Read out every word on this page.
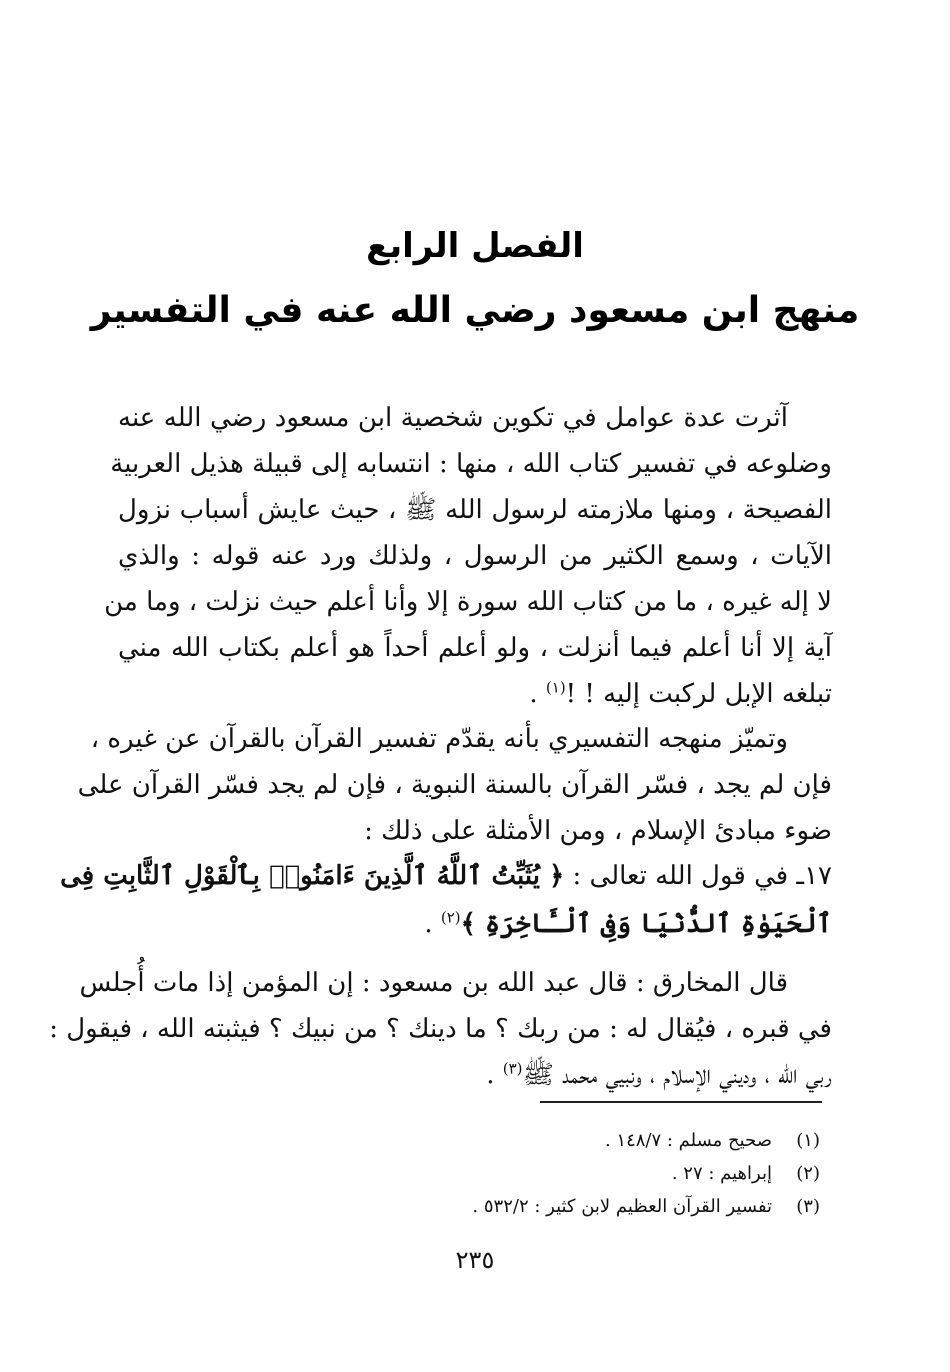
الفصل الرابع
منهج ابن مسعود رضي الله عنه في التفسير
آثرت عدة عوامل في تكوين شخصية ابن مسعود رضي الله عنه
وضلوعه في تفسير كتاب الله ، منها : انتسابه إلى قبيلة هذيل العربية
الفصيحة ، ومنها ملازمته لرسول الله ﷺ ، حيث عايش أسباب نزول
الآيات ، وسمع الكثير من الرسول ، ولذلك ورد عنه قوله : والذي
لا إله غيره ، ما من كتاب الله سورة إلا وأنا أعلم حيث نزلت ، وما من
آية إلا أنا أعلم فيما أنزلت ، ولو أعلم أحداً هو أعلم بكتاب الله مني
تبلغه الإبل لركبت إليه ! !$^{(١)}$ .
وتميّز منهجه التفسيري بأنه يقدّم تفسير القرآن بالقرآن عن غيره ،
فإن لم يجد ، فسّر القرآن بالسنة النبوية ، فإن لم يجد فسّر القرآن على
ضوء مبادئ الإسلام ، ومن الأمثلة على ذلك :
١٧ـ في قول الله تعالى : ﴿ يُثَبِّتُ ٱللَّهُ ٱلَّذِينَ ءَامَنُوا۟ بِٱلْقَوْلِ ٱلثَّابِتِ فِى
ٱلْحَيَوٰةِ ٱلدُّنْيَا وَفِى ٱلْـَٔاخِرَةِ ﴾$^{(٢)}$ .
قال المخارق : قال عبد الله بن مسعود : إن المؤمن إذا مات أُجلس
في قبره ، فيُقال له : من ربك ؟ ما دينك ؟ من نبيك ؟ فيثبته الله ، فيقول :
ربي الله ، وديني الإسلام ، ونبيي محمد ﷺ$^{(٣)}$ .
(١)صحيح مسلم : ١٤٨/٧ .
(٢)إبراهيم : ٢٧ .
(٣)تفسير القرآن العظيم لابن كثير : ٥٣٢/٢ .
٢٣٥
